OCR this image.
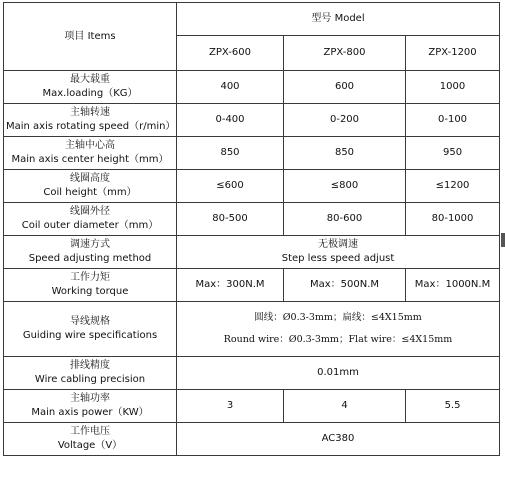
项目 Items	型号 Model		
	ZPX-600	ZPX-800	ZPX-1200

最大载重
Max.loading（KG）	400	600	1000

主轴转速
Main axis rotating speed（r/min）	0-400	0-200	0-100

主轴中心高
Main axis center height（mm）	850	850	950

线圈高度
Coil height（mm）	≤600	≤800	≤1200

线圈外径
Coil outer diameter（mm）	80-500	80-600	80-1000

调速方式
Speed adjusting method	无极调速
Step less speed adjust		

工作力矩
Working torque	Max：300N.M	Max：500N.M	Max：1000N.M

导线规格
Guiding wire specifications	圆线：Ø0.3-3mm；扁线：≤4X15mm
Round wire：Ø0.3-3mm；Flat wire：≤4X15mm		

排线精度
Wire cabling precision	0.01mm		

主轴功率
Main axis power（KW）	3	4	5.5

工作电压
Voltage（V）	AC380		
